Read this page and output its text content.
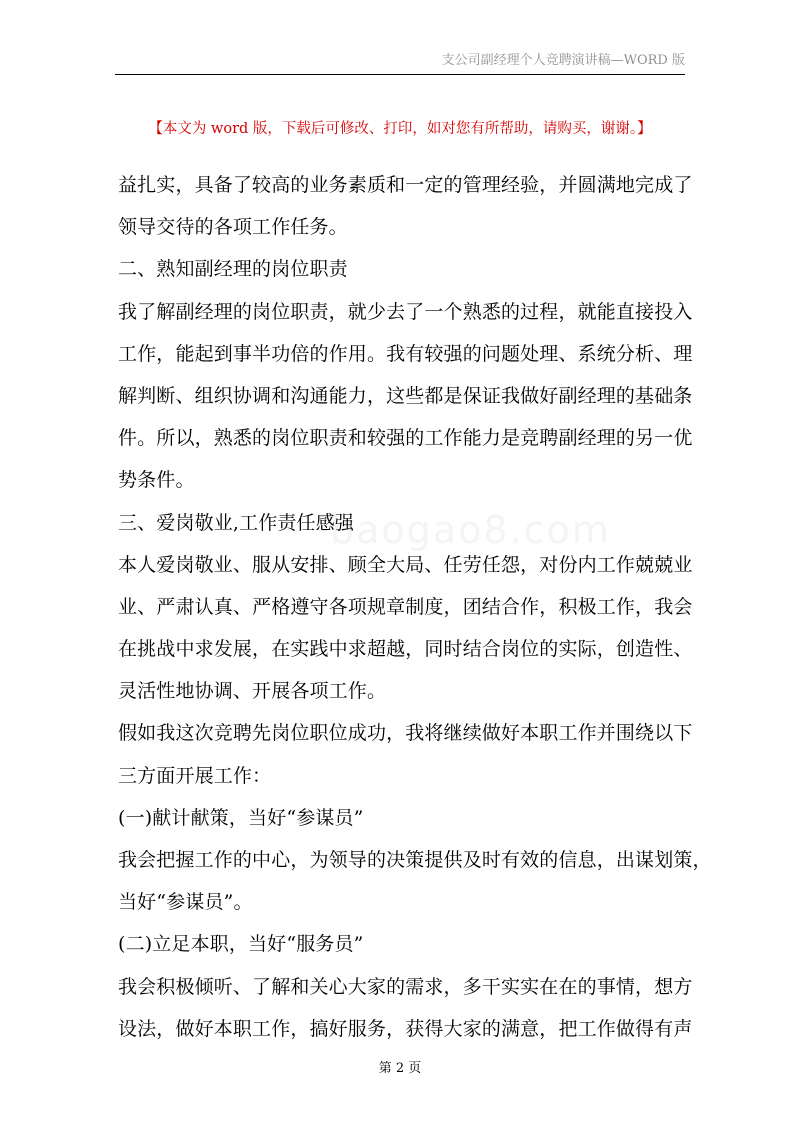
支公司副经理个人竞聘演讲稿—WORD 版
【本文为 word 版，下载后可修改、打印，如对您有所帮助，请购买，谢谢。】
baogao8.com
益扎实，具备了较高的业务素质和一定的管理经验，并圆满地完成了
领导交待的各项工作任务。
二、熟知副经理的岗位职责
我了解副经理的岗位职责，就少去了一个熟悉的过程，就能直接投入
工作，能起到事半功倍的作用。我有较强的问题处理、系统分析、理
解判断、组织协调和沟通能力，这些都是保证我做好副经理的基础条
件。所以，熟悉的岗位职责和较强的工作能力是竞聘副经理的另一优
势条件。
三、爱岗敬业,工作责任感强
本人爱岗敬业、服从安排、顾全大局、任劳任怨，对份内工作兢兢业
业、严肃认真、严格遵守各项规章制度，团结合作，积极工作，我会
在挑战中求发展，在实践中求超越，同时结合岗位的实际，创造性、
灵活性地协调、开展各项工作。
假如我这次竞聘先岗位职位成功，我将继续做好本职工作并围绕以下
三方面开展工作：
(一)献计献策，当好“参谋员”
我会把握工作的中心，为领导的决策提供及时有效的信息，出谋划策，
当好“参谋员”。
(二)立足本职，当好“服务员”
我会积极倾听、了解和关心大家的需求，多干实实在在的事情，想方
设法，做好本职工作，搞好服务，获得大家的满意，把工作做得有声
第 2 页
